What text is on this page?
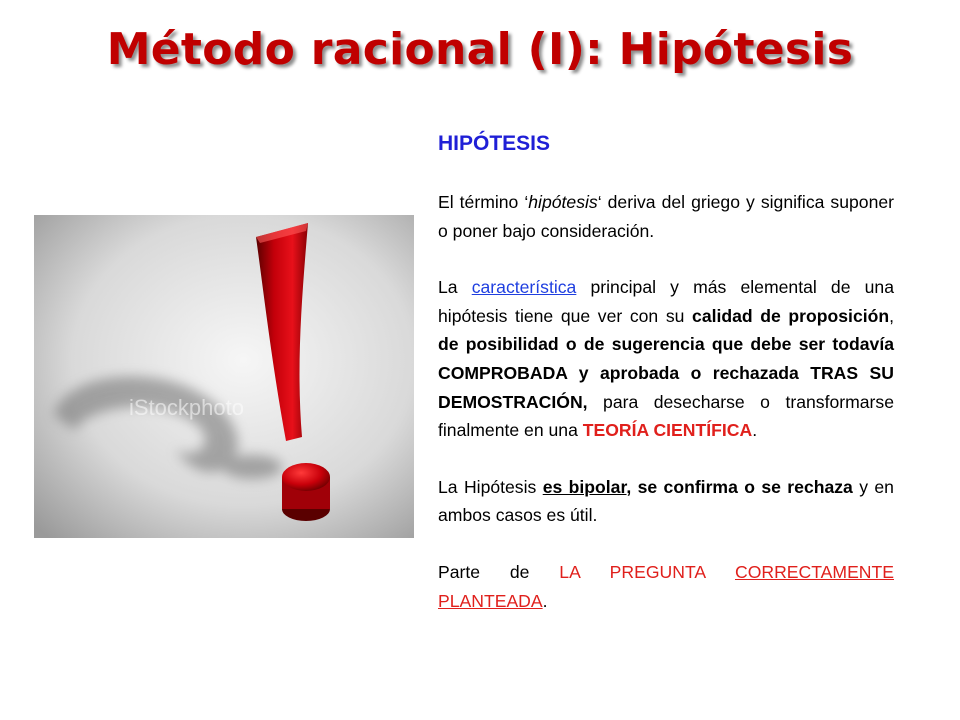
Método racional (I): Hipótesis
iStockphoto

HIPÓTESIS

El término ‘hipótesis‘ deriva del griego y significa suponer o poner bajo consideración.

La característica principal y más elemental de una hipótesis tiene que ver con su calidad de proposición, de posibilidad o de sugerencia que debe ser todavía COMPROBADA y aprobada o rechazada TRAS SU DEMOSTRACIÓN, para desecharse o transformarse finalmente en una TEORÍA CIENTÍFICA.

La Hipótesis es bipolar, se confirma o se rechaza y en ambos casos es útil.

Parte de LA PREGUNTA CORRECTAMENTE PLANTEADA.
